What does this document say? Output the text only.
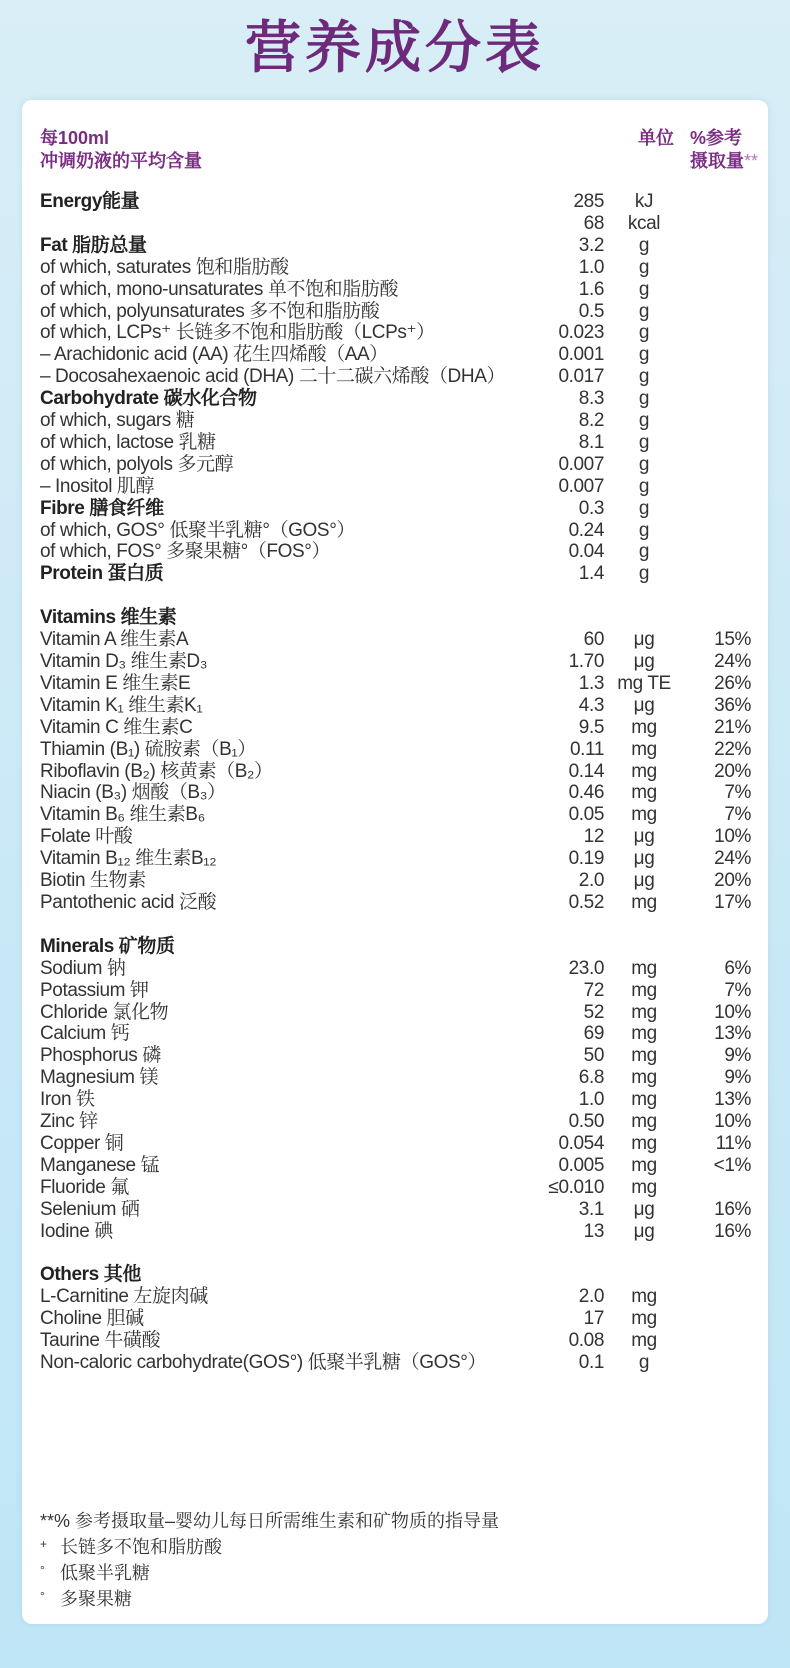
营养成分表
每100ml
冲调奶液的平均含量
单位 %参考
摄取量**
Energy能量	285	kJ
68	kcal
Fat 脂肪总量	3.2	g
of which, saturates 饱和脂肪酸	1.0	g
of which, mono-unsaturates 单不饱和脂肪酸	1.6	g
of which, polyunsaturates 多不饱和脂肪酸	0.5	g
of which, LCPs⁺ 长链多不饱和脂肪酸（LCPs⁺）	0.023	g
– Arachidonic acid (AA) 花生四烯酸（AA）	0.001	g
– Docosahexaenoic acid (DHA) 二十二碳六烯酸（DHA）	0.017	g
Carbohydrate 碳水化合物	8.3	g
of which, sugars 糖	8.2	g
of which, lactose 乳糖	8.1	g
of which, polyols 多元醇	0.007	g
– Inositol 肌醇	0.007	g
Fibre 膳食纤维	0.3	g
of which, GOS° 低聚半乳糖°（GOS°）	0.24	g
of which, FOS° 多聚果糖°（FOS°）	0.04	g
Protein 蛋白质	1.4	g
Vitamins 维生素
Vitamin A 维生素A	60	μg	15%
Vitamin D₃ 维生素D₃	1.70	μg	24%
Vitamin E 维生素E	1.3 mg TE	26%
Vitamin K₁ 维生素K₁	4.3	μg	36%
Vitamin C 维生素C	9.5	mg	21%
Thiamin (B₁) 硫胺素（B₁）	0.11	mg	22%
Riboflavin (B₂) 核黄素（B₂）	0.14	mg	20%
Niacin (B₃) 烟酸（B₃）	0.46	mg	7%
Vitamin B₆ 维生素B₆	0.05	mg	7%
Folate 叶酸	12	μg	10%
Vitamin B₁₂ 维生素B₁₂	0.19	μg	24%
Biotin 生物素	2.0	μg	20%
Pantothenic acid 泛酸	0.52	mg	17%
Minerals 矿物质
Sodium 钠	23.0	mg	6%
Potassium 钾	72	mg	7%
Chloride 氯化物	52	mg	10%
Calcium 钙	69	mg	13%
Phosphorus 磷	50	mg	9%
Magnesium 镁	6.8	mg	9%
Iron 铁	1.0	mg	13%
Zinc 锌	0.50	mg	10%
Copper 铜	0.054	mg	11%
Manganese 锰	0.005	mg	<1%
Fluoride 氟	≤0.010	mg
Selenium 硒	3.1	μg	16%
Iodine 碘	13	μg	16%
Others 其他
L-Carnitine 左旋肉碱	2.0	mg
Choline 胆碱	17	mg
Taurine 牛磺酸	0.08	mg
Non-caloric carbohydrate(GOS°) 低聚半乳糖（GOS°）	0.1	g
**% 参考摄取量–婴幼儿每日所需维生素和矿物质的指导量
+ 长链多不饱和脂肪酸
° 低聚半乳糖
° 多聚果糖
